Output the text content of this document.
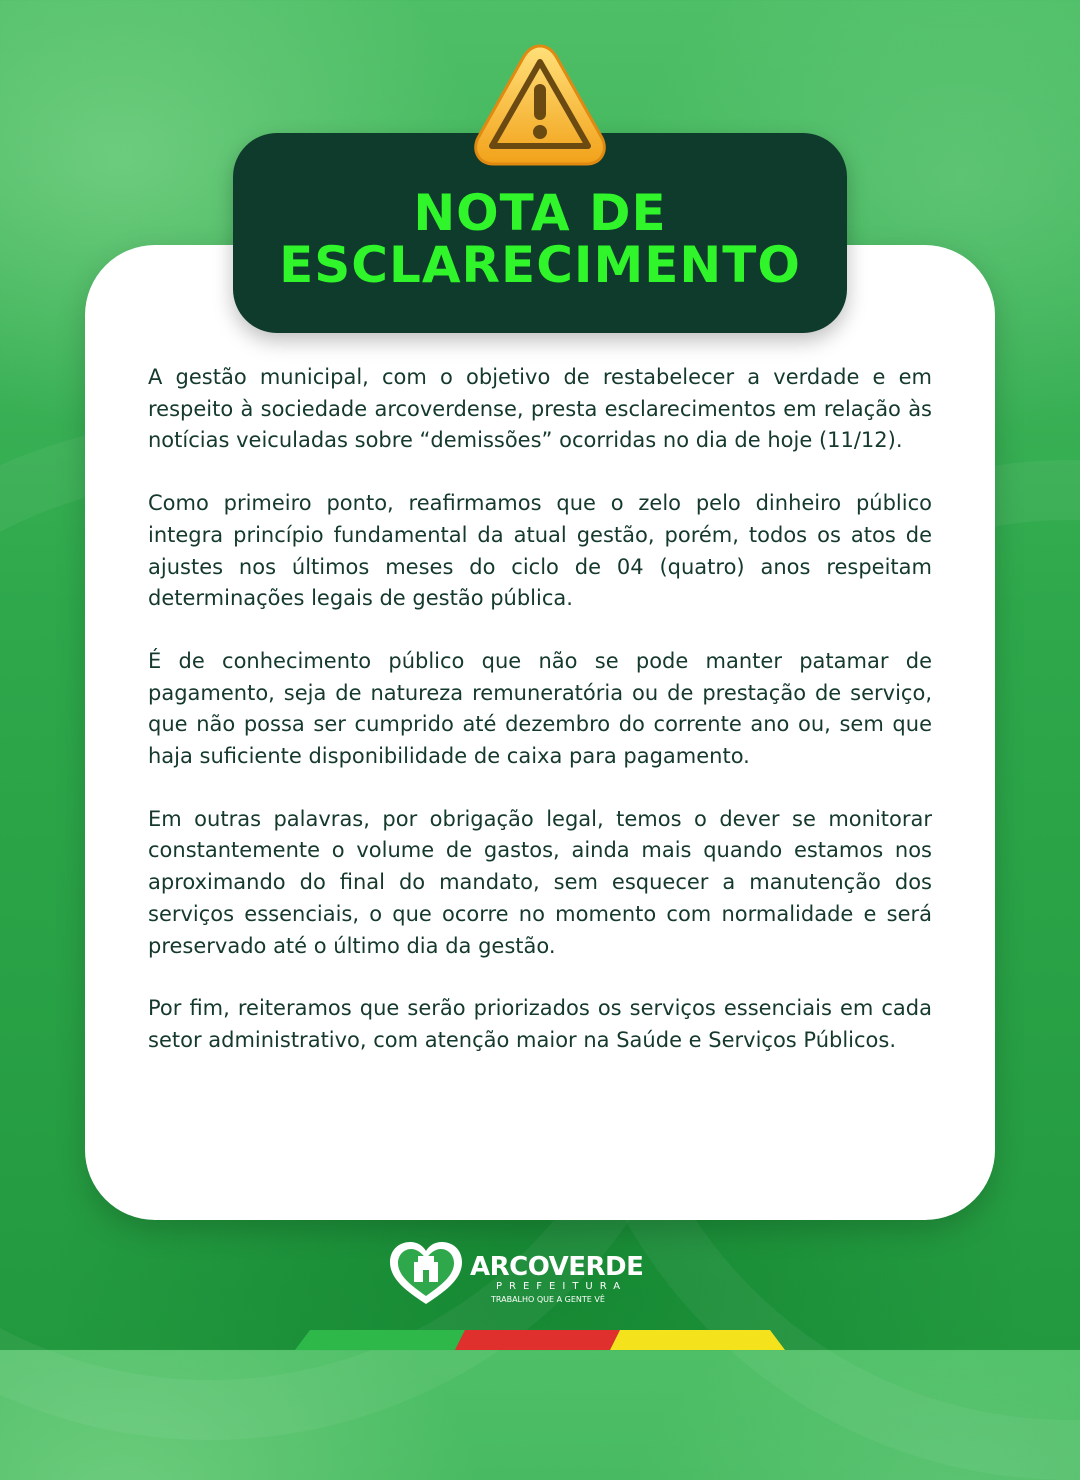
NOTA DE
ESCLARECIMENTO

A gestão municipal, com o objetivo de restabelecer a verdade e em respeito à sociedade arcoverdense, presta esclarecimentos em relação às notícias veiculadas sobre “demissões” ocorridas no dia de hoje (11/12).

Como primeiro ponto, reafirmamos que o zelo pelo dinheiro público integra princípio fundamental da atual gestão, porém, todos os atos de ajustes nos últimos meses do ciclo de 04 (quatro) anos respeitam determinações legais de gestão pública.

É de conhecimento público que não se pode manter patamar de pagamento, seja de natureza remuneratória ou de prestação de serviço, que não possa ser cumprido até dezembro do corrente ano ou, sem que haja suficiente disponibilidade de caixa para pagamento.

Em outras palavras, por obrigação legal, temos o dever se monitorar constantemente o volume de gastos, ainda mais quando estamos nos aproximando do final do mandato, sem esquecer a manutenção dos serviços essenciais, o que ocorre no momento com normalidade e será preservado até o último dia da gestão.

Por fim, reiteramos que serão priorizados os serviços essenciais em cada setor administrativo, com atenção maior na Saúde e Serviços Públicos.

ARCOVERDE
PREFEITURA
TRABALHO QUE A GENTE VÊ
